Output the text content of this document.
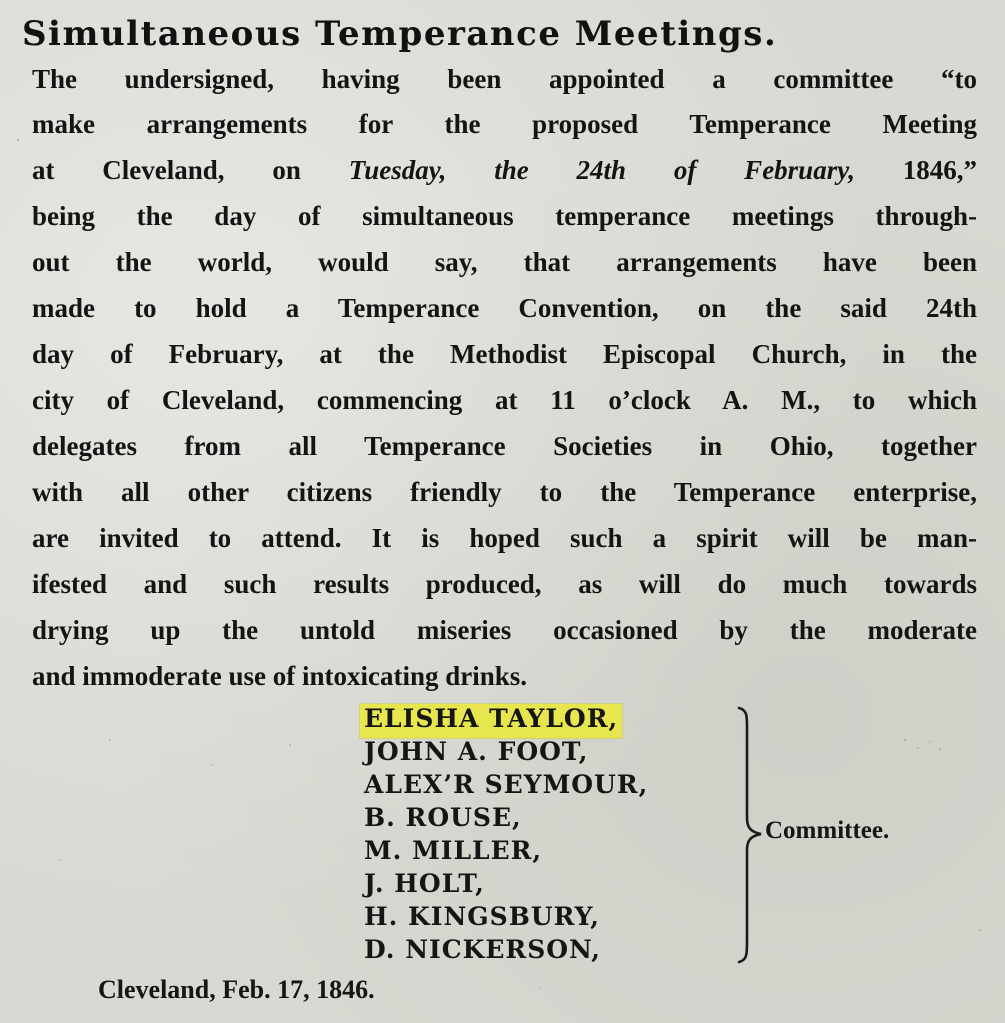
Simultaneous Temperance Meetings.
The undersigned, having been appointed a committee “to
make arrangements for the proposed Temperance Meeting
at Cleveland, on Tuesday, the 24th of February, 1846,”
being the day of simultaneous temperance meetings through-
out the world, would say, that arrangements have been
made to hold a Temperance Convention, on the said 24th
day of February, at the Methodist Episcopal Church, in the
city of Cleveland, commencing at 11 o’clock A. M., to which
delegates from all Temperance Societies in Ohio, together
with all other citizens friendly to the Temperance enterprise,
are invited to attend. It is hoped such a spirit will be man-
ifested and such results produced, as will do much towards
drying up the untold miseries occasioned by the moderate
and immoderate use of intoxicating drinks.
ELISHA TAYLOR,
JOHN A. FOOT,
ALEX’R SEYMOUR,
B. ROUSE,
M. MILLER,
J. HOLT,
H. KINGSBURY,
D. NICKERSON,
Committee.
Cleveland, Feb. 17, 1846.
